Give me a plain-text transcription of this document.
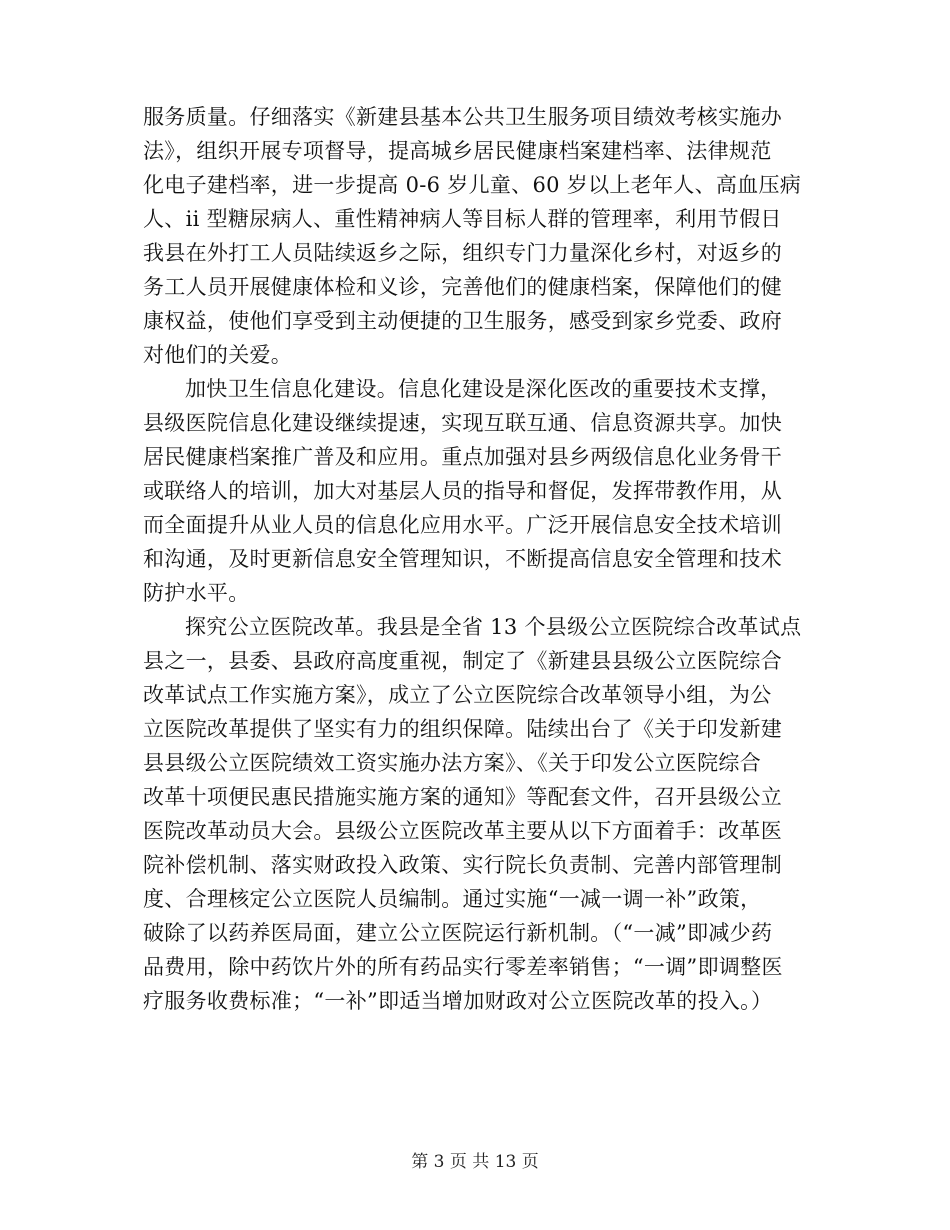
服务质量。仔细落实《新建县基本公共卫生服务项目绩效考核实施办
法》，组织开展专项督导，提高城乡居民健康档案建档率、法律规范
化电子建档率，进一步提高 0-6 岁儿童、60 岁以上老年人、高血压病
人、ii 型糖尿病人、重性精神病人等目标人群的管理率，利用节假日
我县在外打工人员陆续返乡之际，组织专门力量深化乡村，对返乡的
务工人员开展健康体检和义诊，完善他们的健康档案，保障他们的健
康权益，使他们享受到主动便捷的卫生服务，感受到家乡党委、政府
对他们的关爱。
加快卫生信息化建设。信息化建设是深化医改的重要技术支撑，
县级医院信息化建设继续提速，实现互联互通、信息资源共享。加快
居民健康档案推广普及和应用。重点加强对县乡两级信息化业务骨干
或联络人的培训，加大对基层人员的指导和督促，发挥带教作用，从
而全面提升从业人员的信息化应用水平。广泛开展信息安全技术培训
和沟通，及时更新信息安全管理知识，不断提高信息安全管理和技术
防护水平。
探究公立医院改革。我县是全省 13 个县级公立医院综合改革试点
县之一，县委、县政府高度重视，制定了《新建县县级公立医院综合
改革试点工作实施方案》，成立了公立医院综合改革领导小组，为公
立医院改革提供了坚实有力的组织保障。陆续出台了《关于印发新建
县县级公立医院绩效工资实施办法方案》、《关于印发公立医院综合
改革十项便民惠民措施实施方案的通知》等配套文件，召开县级公立
医院改革动员大会。县级公立医院改革主要从以下方面着手：改革医
院补偿机制、落实财政投入政策、实行院长负责制、完善内部管理制
度、合理核定公立医院人员编制。通过实施“一减一调一补”政策，
破除了以药养医局面，建立公立医院运行新机制。（“一减”即减少药
品费用，除中药饮片外的所有药品实行零差率销售；“一调”即调整医
疗服务收费标准；“一补”即适当增加财政对公立医院改革的投入。）
第 3 页 共 13 页
